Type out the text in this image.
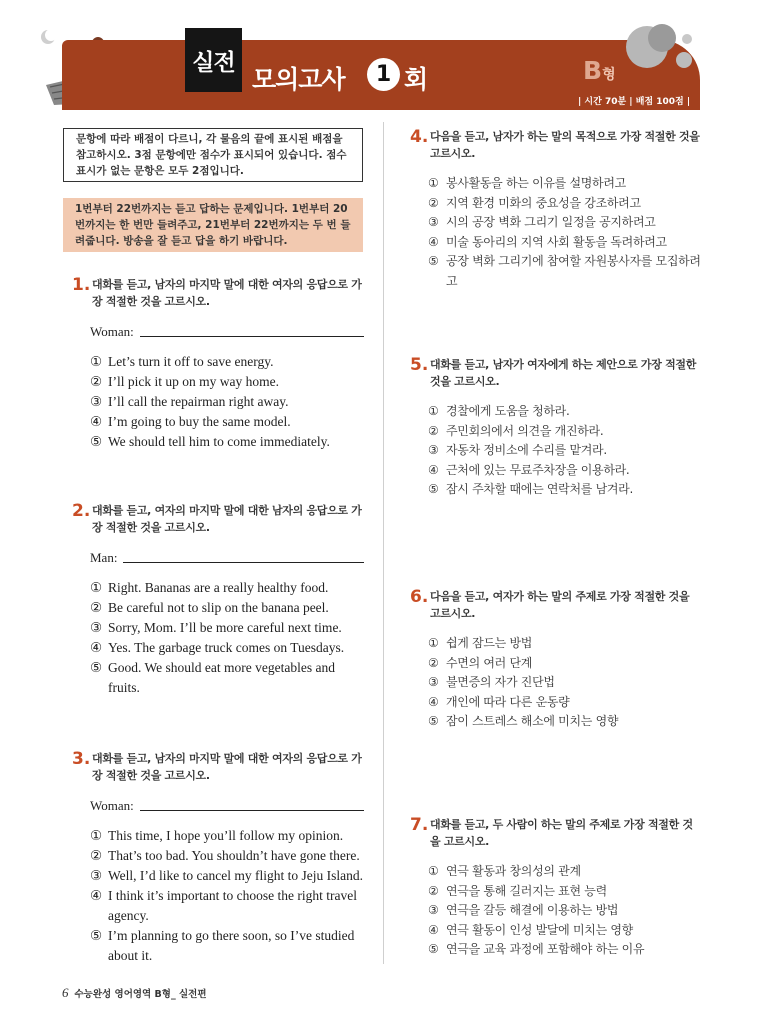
실전
모의고사	1 회	B형
| 시간 70분 | 배점 100점 |
문항에 따라 배점이 다르니, 각 물음의 끝에 표시된 배점을 참고하시오. 3점 문항에만 점수가 표시되어 있습니다. 점수 표시가 없는 문항은 모두 2점입니다.
1번부터 22번까지는 듣고 답하는 문제입니다. 1번부터 20번까지는 한 번만 들려주고, 21번부터 22번까지는 두 번 들려줍니다. 방송을 잘 듣고 답을 하기 바랍니다.
1. 대화를 듣고, 남자의 마지막 말에 대한 여자의 응답으로 가장 적절한 것을 고르시오.
Woman:
① Let’s turn it off to save energy.
② I’ll pick it up on my way home.
③ I’ll call the repairman right away.
④ I’m going to buy the same model.
⑤ We should tell him to come immediately.
2. 대화를 듣고, 여자의 마지막 말에 대한 남자의 응답으로 가장 적절한 것을 고르시오.
Man:
① Right. Bananas are a really healthy food.
② Be careful not to slip on the banana peel.
③ Sorry, Mom. I’ll be more careful next time.
④ Yes. The garbage truck comes on Tuesdays.
⑤ Good. We should eat more vegetables and fruits.
3. 대화를 듣고, 남자의 마지막 말에 대한 여자의 응답으로 가장 적절한 것을 고르시오.
Woman:
① This time, I hope you’ll follow my opinion.
② That’s too bad. You shouldn’t have gone there.
③ Well, I’d like to cancel my flight to Jeju Island.
④ I think it’s important to choose the right travel agency.
⑤ I’m planning to go there soon, so I’ve studied about it.
4. 다음을 듣고, 남자가 하는 말의 목적으로 가장 적절한 것을 고르시오.
① 봉사활동을 하는 이유를 설명하려고
② 지역 환경 미화의 중요성을 강조하려고
③ 시의 공장 벽화 그리기 일정을 공지하려고
④ 미술 동아리의 지역 사회 활동을 독려하려고
⑤ 공장 벽화 그리기에 참여할 자원봉사자를 모집하려고
5. 대화를 듣고, 남자가 여자에게 하는 제안으로 가장 적절한 것을 고르시오.
① 경찰에게 도움을 청하라.
② 주민회의에서 의견을 개진하라.
③ 자동차 정비소에 수리를 맡겨라.
④ 근처에 있는 무료주차장을 이용하라.
⑤ 잠시 주차할 때에는 연락처를 남겨라.
6. 다음을 듣고, 여자가 하는 말의 주제로 가장 적절한 것을 고르시오.
① 쉽게 잠드는 방법
② 수면의 여러 단계
③ 불면증의 자가 진단법
④ 개인에 따라 다른 운동량
⑤ 잠이 스트레스 해소에 미치는 영향
7. 대화를 듣고, 두 사람이 하는 말의 주제로 가장 적절한 것을 고르시오.
① 연극 활동과 창의성의 관계
② 연극을 통해 길러지는 표현 능력
③ 연극을 갈등 해결에 이용하는 방법
④ 연극 활동이 인성 발달에 미치는 영향
⑤ 연극을 교육 과정에 포함해야 하는 이유
6 수능완성 영어영역 B형_ 실전편
